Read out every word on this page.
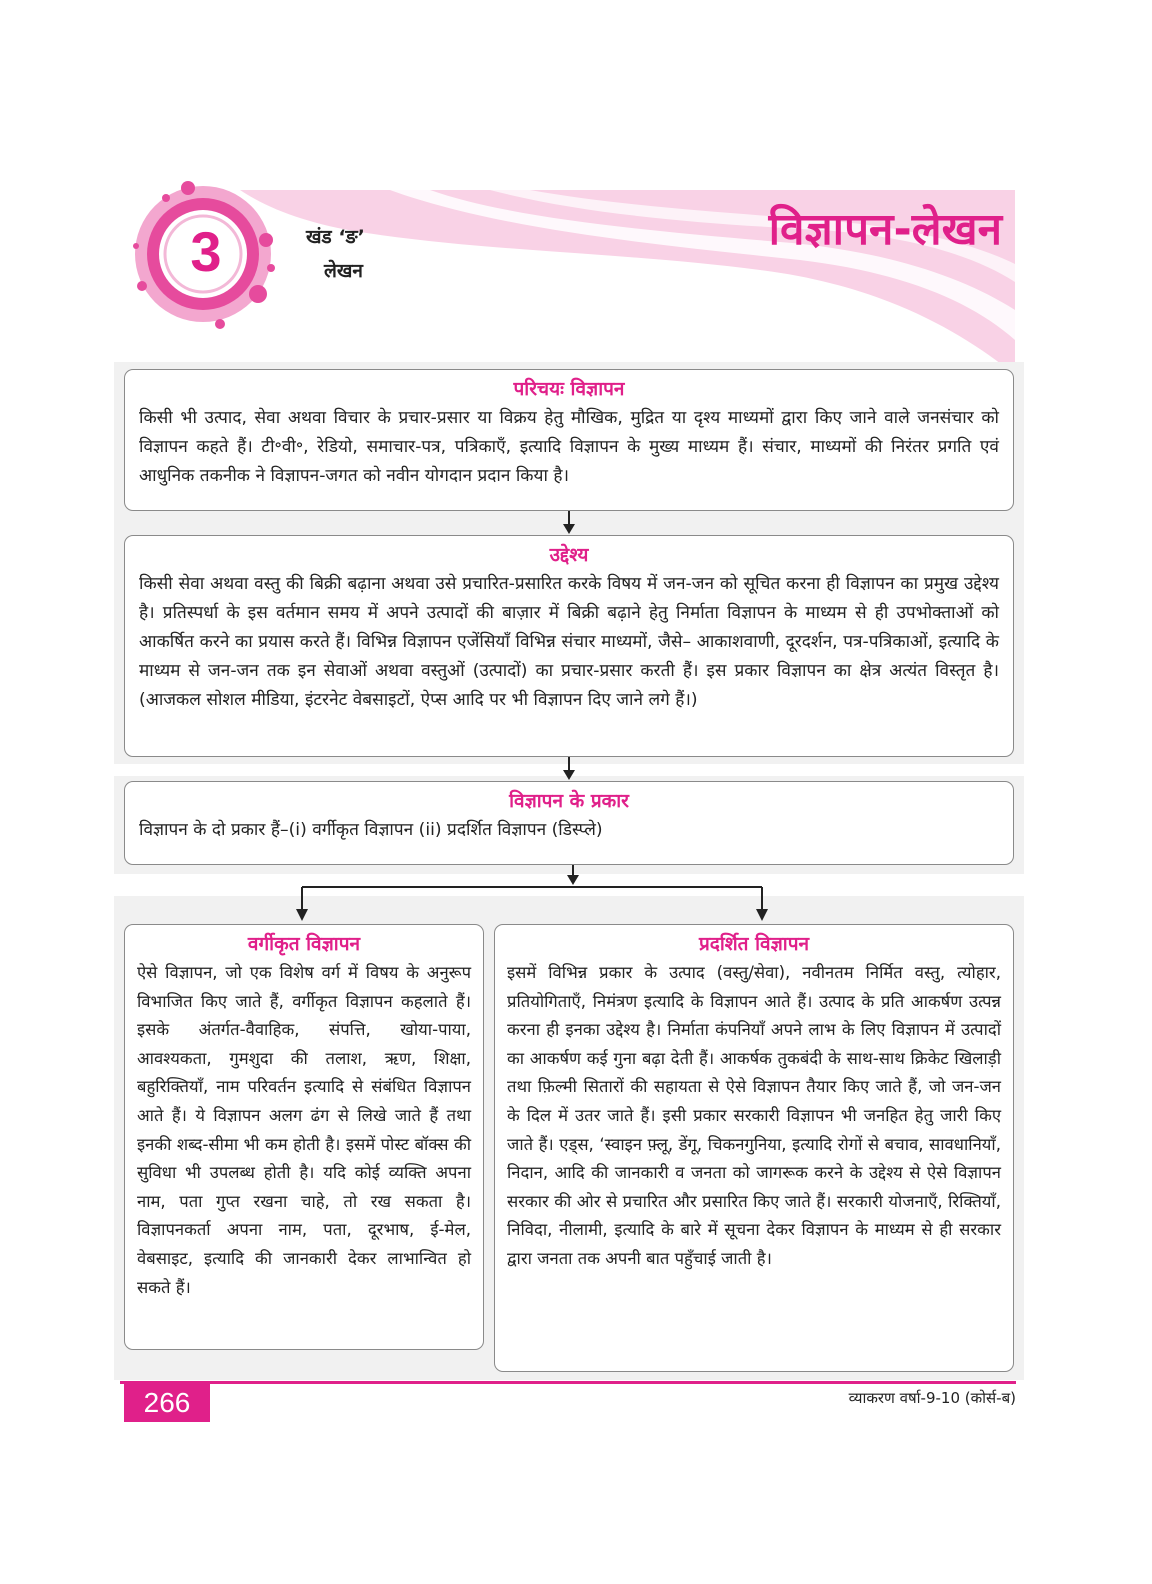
3	खंड ‘ङ’
लेखन
विज्ञापन-लेखन
परिचयः विज्ञापन
किसी भी उत्पाद, सेवा अथवा विचार के प्रचार-प्रसार या विक्रय हेतु मौखिक, मुद्रित या दृश्य माध्यमों द्वारा किए जाने वाले जनसंचार को विज्ञापन कहते हैं। टी॰वी॰, रेडियो, समाचार-पत्र, पत्रिकाएँ, इत्यादि विज्ञापन के मुख्य माध्यम हैं। संचार, माध्यमों की निरंतर प्रगति एवं आधुनिक तकनीक ने विज्ञापन-जगत को नवीन योगदान प्रदान किया है।
उद्देश्य
किसी सेवा अथवा वस्तु की बिक्री बढ़ाना अथवा उसे प्रचारित-प्रसारित करके विषय में जन-जन को सूचित करना ही विज्ञापन का प्रमुख उद्देश्य है। प्रतिस्पर्धा के इस वर्तमान समय में अपने उत्पादों की बाज़ार में बिक्री बढ़ाने हेतु निर्माता विज्ञापन के माध्यम से ही उपभोक्ताओं को आकर्षित करने का प्रयास करते हैं। विभिन्न विज्ञापन एजेंसियाँ विभिन्न संचार माध्यमों, जैसे– आकाशवाणी, दूरदर्शन, पत्र-पत्रिकाओं, इत्यादि के माध्यम से जन-जन तक इन सेवाओं अथवा वस्तुओं (उत्पादों) का प्रचार-प्रसार करती हैं। इस प्रकार विज्ञापन का क्षेत्र अत्यंत विस्तृत है। (आजकल सोशल मीडिया, इंटरनेट वेबसाइटों, ऐप्स आदि पर भी विज्ञापन दिए जाने लगे हैं।)
विज्ञापन के प्रकार
विज्ञापन के दो प्रकार हैं–(i) वर्गीकृत विज्ञापन (ii) प्रदर्शित विज्ञापन (डिस्प्ले)
वर्गीकृत विज्ञापन
ऐसे विज्ञापन, जो एक विशेष वर्ग में विषय के अनुरूप विभाजित किए जाते हैं, वर्गीकृत विज्ञापन कहलाते हैं। इसके अंतर्गत-वैवाहिक, संपत्ति, खोया-पाया, आवश्यकता, गुमशुदा की तलाश, ऋण, शिक्षा, बहुरिक्तियाँ, नाम परिवर्तन इत्यादि से संबंधित विज्ञापन आते हैं। ये विज्ञापन अलग ढंग से लिखे जाते हैं तथा इनकी शब्द-सीमा भी कम होती है। इसमें पोस्ट बॉक्स की सुविधा भी उपलब्ध होती है। यदि कोई व्यक्ति अपना नाम, पता गुप्त रखना चाहे, तो रख सकता है। विज्ञापनकर्ता अपना नाम, पता, दूरभाष, ई-मेल, वेबसाइट, इत्यादि की जानकारी देकर लाभान्वित हो सकते हैं।
प्रदर्शित विज्ञापन
इसमें विभिन्न प्रकार के उत्पाद (वस्तु/सेवा), नवीनतम निर्मित वस्तु, त्योहार, प्रतियोगिताएँ, निमंत्रण इत्यादि के विज्ञापन आते हैं। उत्पाद के प्रति आकर्षण उत्पन्न करना ही इनका उद्देश्य है। निर्माता कंपनियाँ अपने लाभ के लिए विज्ञापन में उत्पादों का आकर्षण कई गुना बढ़ा देती हैं। आकर्षक तुकबंदी के साथ-साथ क्रिकेट खिलाड़ी तथा फ़िल्मी सितारों की सहायता से ऐसे विज्ञापन तैयार किए जाते हैं, जो जन-जन के दिल में उतर जाते हैं। इसी प्रकार सरकारी विज्ञापन भी जनहित हेतु जारी किए जाते हैं। एड्स, ‘स्वाइन फ़्लू, डेंगू, चिकनगुनिया, इत्यादि रोगों से बचाव, सावधानियाँ, निदान, आदि की जानकारी व जनता को जागरूक करने के उद्देश्य से ऐसे विज्ञापन सरकार की ओर से प्रचारित और प्रसारित किए जाते हैं। सरकारी योजनाएँ, रिक्तियाँ, निविदा, नीलामी, इत्यादि के बारे में सूचना देकर विज्ञापन के माध्यम से ही सरकार द्वारा जनता तक अपनी बात पहुँचाई जाती है।
266	व्याकरण वर्षा-9-10 (कोर्स-ब)
